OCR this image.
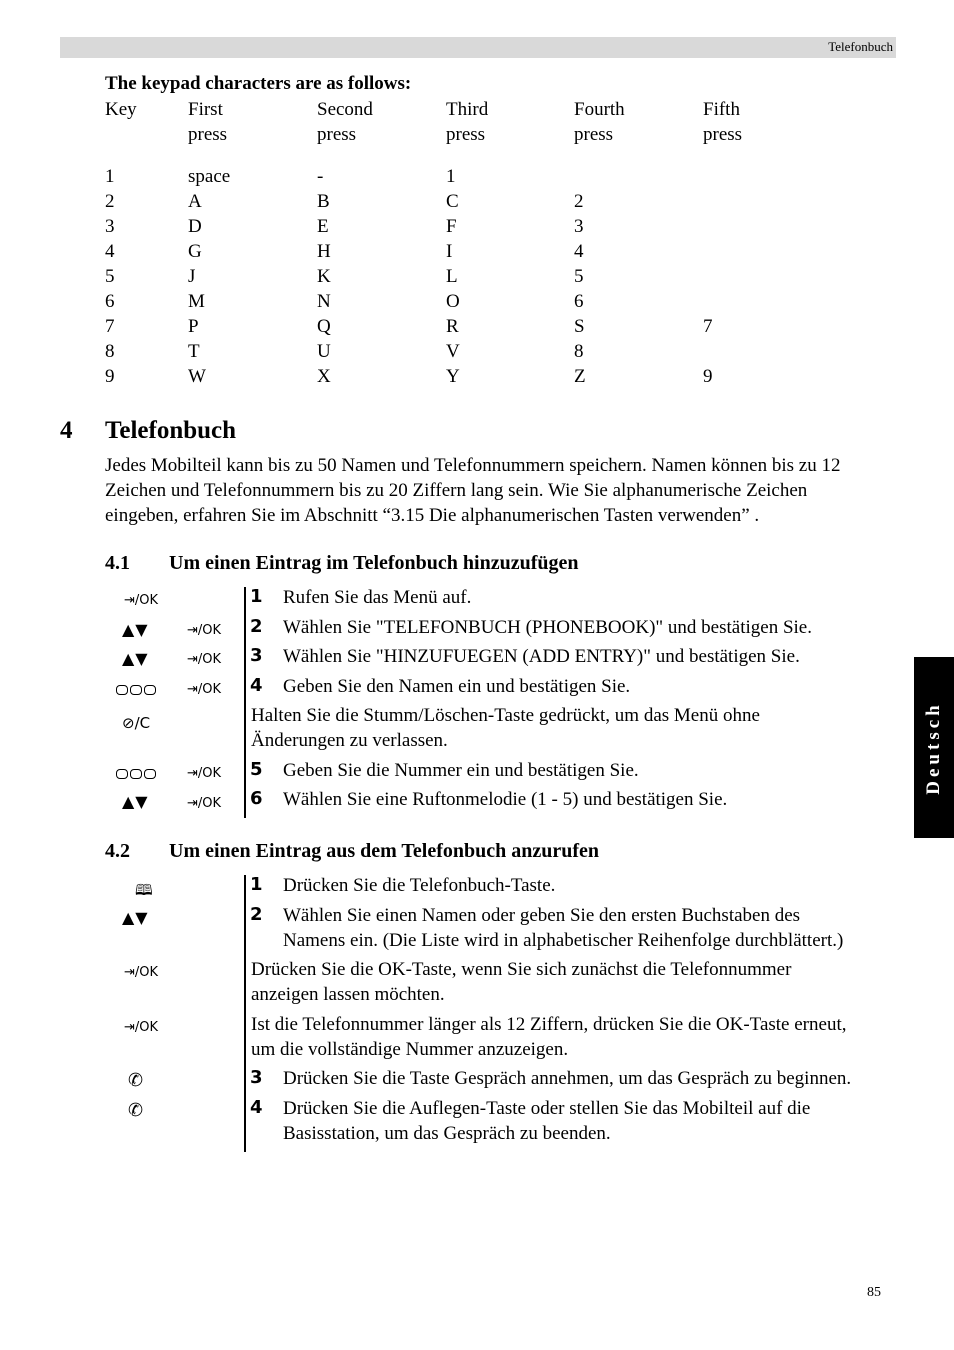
Telefonbuch
Deutsch
The keypad characters are as follows:
Key	First	Second	Third	Fourth	Fifth
press	press	press	press	press
1	space	-	1
2	A	B	C	2
3	D	E	F	3
4	G	H	I	4
5	J	K	L	5
6	M	N	O	6
7	P	Q	R	S	7
8	T	U	V	8
9	W	X	Y	Z	9
4 Telefonbuch
Jedes Mobilteil kann bis zu 50 Namen und Telefonnummern speichern. Namen können bis zu 12
Zeichen und Telefonnummern bis zu 20 Ziffern lang sein. Wie Sie alphanumerische Zeichen
eingeben, erfahren Sie im Abschnitt “3.15 Die alphanumerischen Tasten verwenden” .
4.1 Um einen Eintrag im Telefonbuch hinzuzufügen
⇥/OK
▲▼	⇥/OK
▲▼	⇥/OK
⇥/OK
⊘/C
⇥/OK
▲▼	⇥/OK
1 Rufen Sie das Menü auf.
2 Wählen Sie "TELEFONBUCH (PHONEBOOK)" und bestätigen Sie.
3 Wählen Sie "HINZUFUEGEN (ADD ENTRY)" und bestätigen Sie.
4 Geben Sie den Namen ein und bestätigen Sie.
Halten Sie die Stumm/Löschen-Taste gedrückt, um das Menü ohne
Änderungen zu verlassen.
5 Geben Sie die Nummer ein und bestätigen Sie.
6 Wählen Sie eine Ruftonmelodie (1 - 5) und bestätigen Sie.
4.2 Um einen Eintrag aus dem Telefonbuch anzurufen
🕮
▲▼
⇥/OK
⇥/OK
✆
✆
1 Drücken Sie die Telefonbuch-Taste.
2 Wählen Sie einen Namen oder geben Sie den ersten Buchstaben des
Namens ein. (Die Liste wird in alphabetischer Reihenfolge durchblättert.)
Drücken Sie die OK-Taste, wenn Sie sich zunächst die Telefonnummer
anzeigen lassen möchten.
Ist die Telefonnummer länger als 12 Ziffern, drücken Sie die OK-Taste erneut,
um die vollständige Nummer anzuzeigen.
3 Drücken Sie die Taste Gespräch annehmen, um das Gespräch zu beginnen.
4 Drücken Sie die Auflegen-Taste oder stellen Sie das Mobilteil auf die
Basisstation, um das Gespräch zu beenden.
85
